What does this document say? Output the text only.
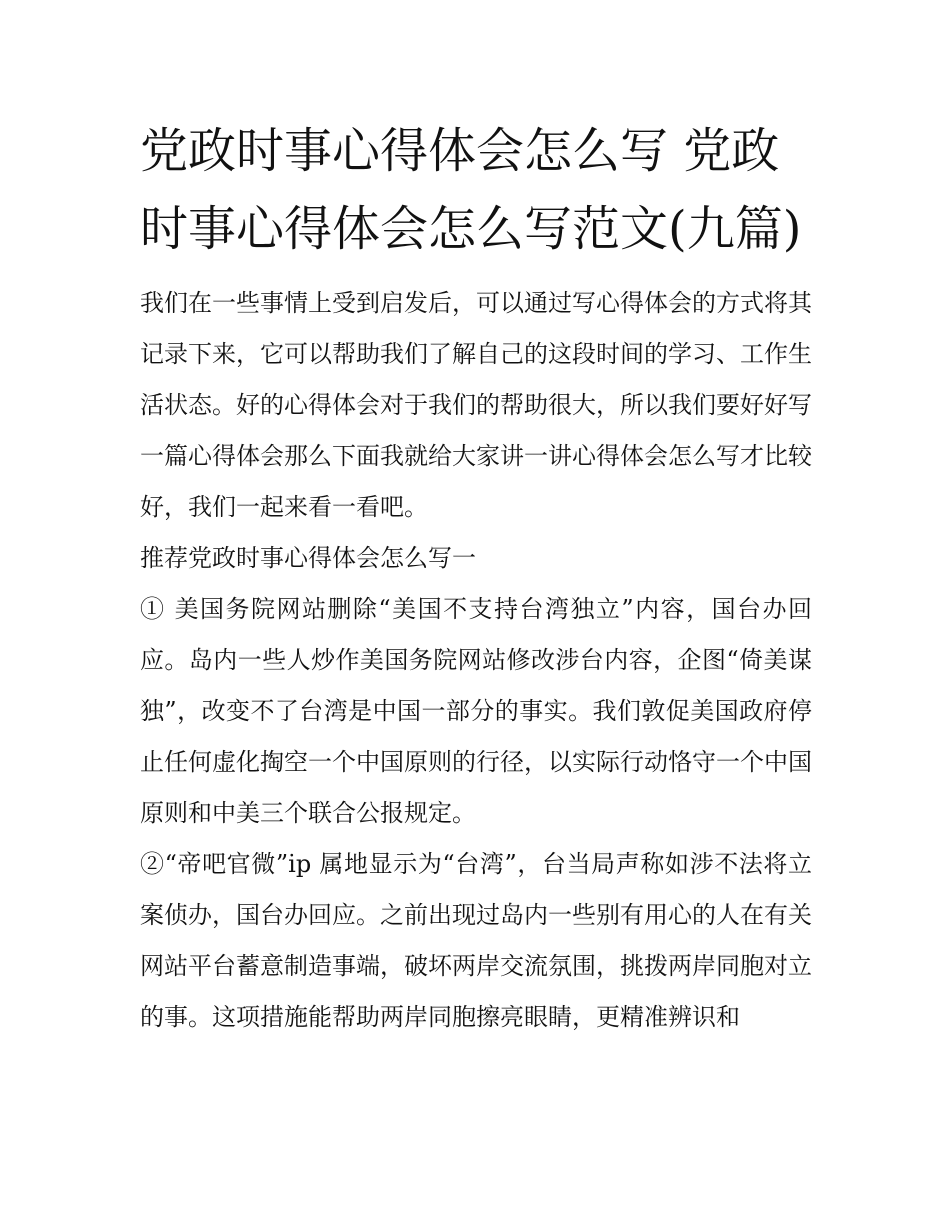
党政时事心得体会怎么写 党政时事心得体会怎么写范文(九篇)

我们在一些事情上受到启发后，可以通过写心得体会的方式将其记录下来，它可以帮助我们了解自己的这段时间的学习、工作生活状态。好的心得体会对于我们的帮助很大，所以我们要好好写一篇心得体会那么下面我就给大家讲一讲心得体会怎么写才比较好，我们一起来看一看吧。

推荐党政时事心得体会怎么写一

① 美国务院网站删除“美国不支持台湾独立”内容，国台办回应。岛内一些人炒作美国务院网站修改涉台内容，企图“倚美谋独”，改变不了台湾是中国一部分的事实。我们敦促美国政府停止任何虚化掏空一个中国原则的行径，以实际行动恪守一个中国原则和中美三个联合公报规定。

②“帝吧官微”ip 属地显示为“台湾”，台当局声称如涉不法将立案侦办，国台办回应。之前出现过岛内一些别有用心的人在有关网站平台蓄意制造事端，破坏两岸交流氛围，挑拨两岸同胞对立的事。这项措施能帮助两岸同胞擦亮眼睛，更精准辨识和
